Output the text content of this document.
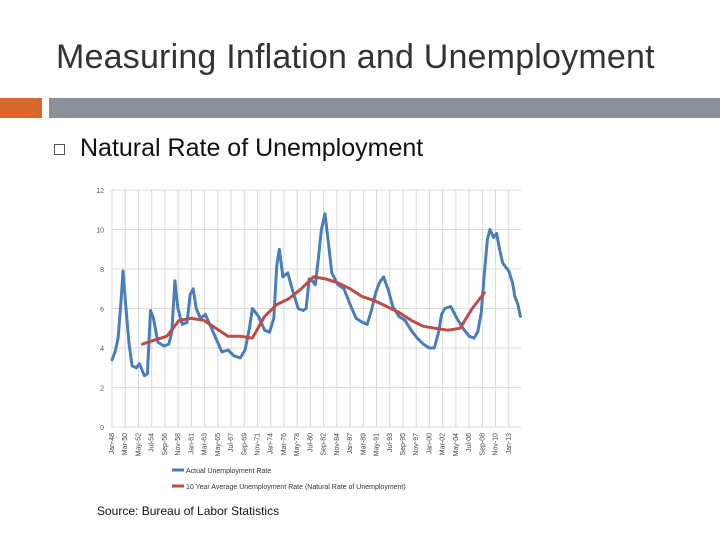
Measuring Inflation and Unemployment
Natural Rate of Unemployment
0
2
4
6
8
10
12
Jan-48 Mar-50 May-52 Jul-54 Sep-56 Nov-58 Jan-61 Mar-63 May-65 Jul-67 Sep-69 Nov-71 Jan-74 Mar-76 May-78 Jul-80 Sep-82 Nov-84 Jan-87 Mar-89 May-91 Jul-93 Sep-95 Nov-97 Jan-00 Mar-02 May-04 Jul-06 Sep-08 Nov-10 Jan-13
Actual Unemployment Rate
10 Year Average Unemployment Rate (Natural Rate of Unemployment)
Source: Bureau of Labor Statistics
